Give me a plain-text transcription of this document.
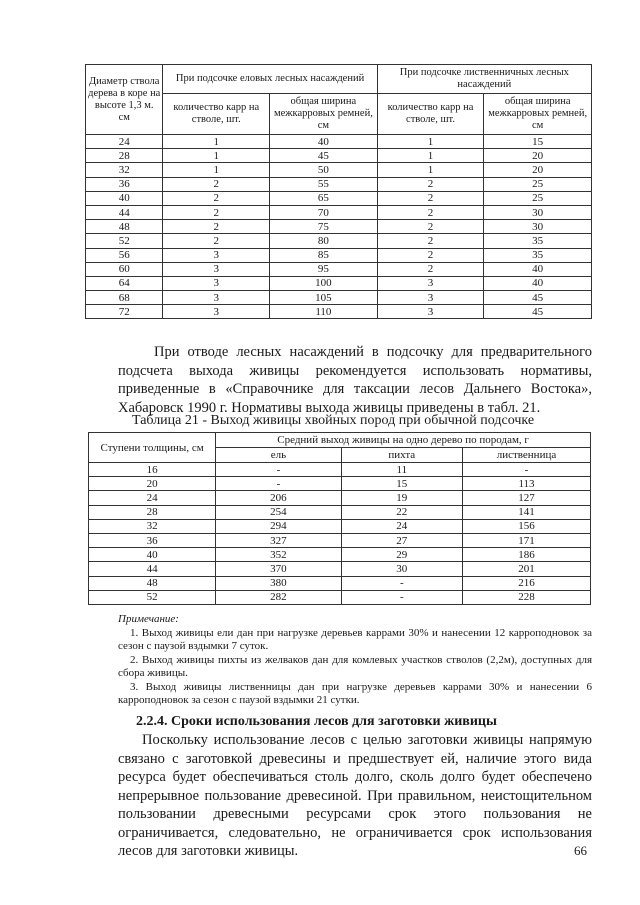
Диаметр ствола дерева в коре на высоте 1,3 м. см	При подсочке еловых лесных насаждений		При подсочке лиственничных лесных насаждений	
	количество карр на стволе, шт.	общая ширина межкарровых ремней, см	количество карр на стволе, шт.	общая ширина межкарровых ремней, см
24	1	40	1	15
28	1	45	1	20
32	1	50	1	20
36	2	55	2	25
40	2	65	2	25
44	2	70	2	30
48	2	75	2	30
52	2	80	2	35
56	3	85	2	35
60	3	95	2	40
64	3	100	3	40
68	3	105	3	45
72	3	110	3	45
При отводе лесных насаждений в подсочку для предварительного подсчета выхода живицы рекомендуется использовать нормативы, приведенные в «Справочнике для таксации лесов Дальнего Востока», Хабаровск 1990 г. Нормативы выхода живицы приведены в табл. 21.
Таблица 21 - Выход живицы хвойных пород при обычной подсочке
Ступени толщины, см	Средний выход живицы на одно дерево по породам, г		
	ель	пихта	лиственница
16	-	11	-
20	-	15	113
24	206	19	127
28	254	22	141
32	294	24	156
36	327	27	171
40	352	29	186
44	370	30	201
48	380	-	216
52	282	-	228
Примечание:
1. Выход живицы ели дан при нагрузке деревьев каррами 30% и нанесении 12 карроподновок за сезон с паузой вздымки 7 суток.
2. Выход живицы пихты из желваков дан для комлевых участков стволов (2,2м), доступных для сбора живицы.
3. Выход живицы лиственницы дан при нагрузке деревьев каррами 30% и нанесении 6 карроподновок за сезон с паузой вздымки 21 сутки.
2.2.4. Сроки использования лесов для заготовки живицы
Поскольку использование лесов с целью заготовки живицы напрямую связано с заготовкой древесины и предшествует ей, наличие этого вида ресурса будет обеспечиваться столь долго, сколь долго будет обеспечено непрерывное пользование древесиной. При правильном, неистощительном пользовании древесными ресурсами срок этого пользования не ограничивается, следовательно, не ограничивается срок использования лесов для заготовки живицы.	66
